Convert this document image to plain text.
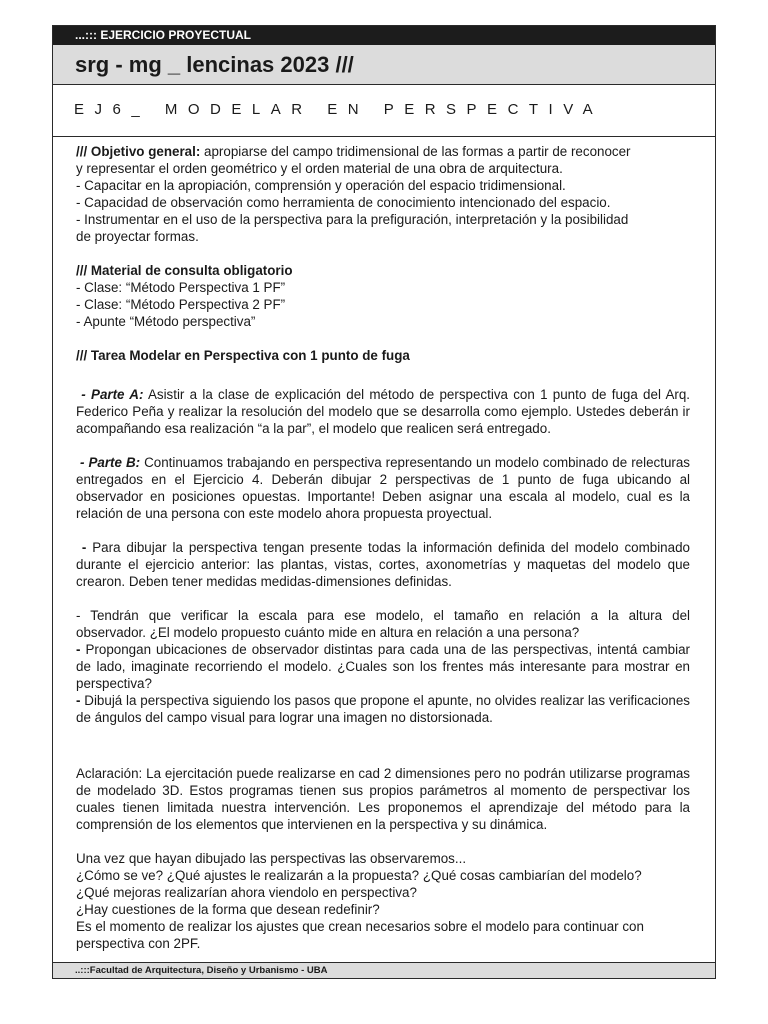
...::: EJERCICIO PROYECTUAL
srg - mg _ lencinas 2023 ///
EJ6_ MODELAR EN PERSPECTIVA

/// Objetivo general: apropiarse del campo tridimensional de las formas a partir de reconocer

y representar el orden geométrico y el orden material de una obra de arquitectura.

- Capacitar en la apropiación, comprensión y operación del espacio tridimensional.

- Capacidad de observación como herramienta de conocimiento intencionado del espacio.

- Instrumentar en el uso de la perspectiva para la prefiguración, interpretación y la posibilidad

de proyectar formas.

/// Material de consulta obligatorio

- Clase: “Método Perspectiva 1 PF”

- Clase: “Método Perspectiva 2 PF”

- Apunte “Método perspectiva”

/// Tarea Modelar en Perspectiva con 1 punto de fuga

- Parte A: Asistir a la clase de explicación del método de perspectiva con 1 punto de fuga del Arq. Federico Peña y realizar la resolución del modelo que se desarrolla como ejemplo. Ustedes deberán ir acompañando esa realización “a la par”, el modelo que realicen será entregado.

- Parte B: Continuamos trabajando en perspectiva representando un modelo combinado de relecturas entregados en el Ejercicio 4. Deberán dibujar 2 perspectivas de 1 punto de fuga ubicando al observador en posiciones opuestas. Importante! Deben asignar una escala al modelo, cual es la relación de una persona con este modelo ahora propuesta proyectual.

- Para dibujar la perspectiva tengan presente todas la información definida del modelo combinado durante el ejercicio anterior: las plantas, vistas, cortes, axonometrías y maquetas del modelo que crearon. Deben tener medidas medidas-dimensiones definidas.

- Tendrán que verificar la escala para ese modelo, el tamaño en relación a la altura del

observador. ¿El modelo propuesto cuánto mide en altura en relación a una persona?

- Propongan ubicaciones de observador distintas para cada una de las perspectivas, intentá cambiar de lado, imaginate recorriendo el modelo. ¿Cuales son los frentes más interesante para mostrar en perspectiva?

- Dibujá la perspectiva siguiendo los pasos que propone el apunte, no olvides realizar las verificaciones de ángulos del campo visual para lograr una imagen no distorsionada.

Aclaración: La ejercitación puede realizarse en cad 2 dimensiones pero no podrán utilizarse programas de modelado 3D. Estos programas tienen sus propios parámetros al momento de perspectivar los cuales tienen limitada nuestra intervención. Les proponemos el aprendizaje del método para la comprensión de los elementos que intervienen en la perspectiva y su dinámica.

Una vez que hayan dibujado las perspectivas las observaremos...

¿Cómo se ve? ¿Qué ajustes le realizarán a la propuesta? ¿Qué cosas cambiarían del modelo?

¿Qué mejoras realizarían ahora viendolo en perspectiva?

¿Hay cuestiones de la forma que desean redefinir?

Es el momento de realizar los ajustes que crean necesarios sobre el modelo para continuar con

perspectiva con 2PF.

..:::Facultad de Arquitectura, Diseño y Urbanismo - UBA
